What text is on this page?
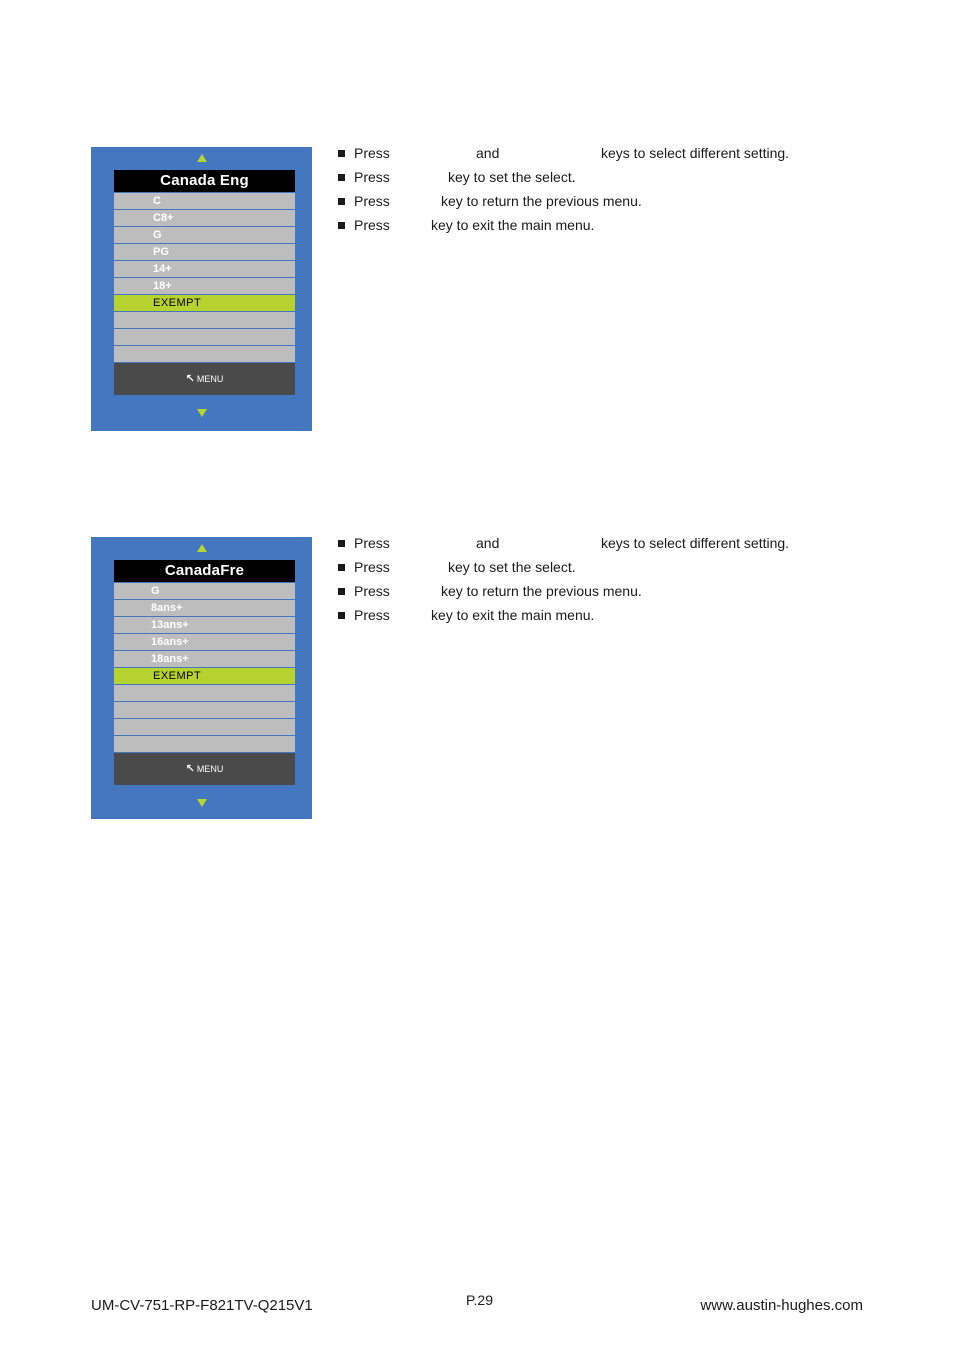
Canada Eng
C
C8+
G
PG
14+
18+
EXEMPT
↖ MENU
Press	and	keys to select different setting.
Press	key to set the select.
Press	key to return the previous menu.
Press	key to exit the main menu.
CanadaFre
G
8ans+
13ans+
16ans+
18ans+
EXEMPT
↖ MENU
Press	and	keys to select different setting.
Press	key to set the select.
Press	key to return the previous menu.
Press	key to exit the main menu.
UM-CV-751-RP-F821TV-Q215V1	P.29	www.austin-hughes.com
